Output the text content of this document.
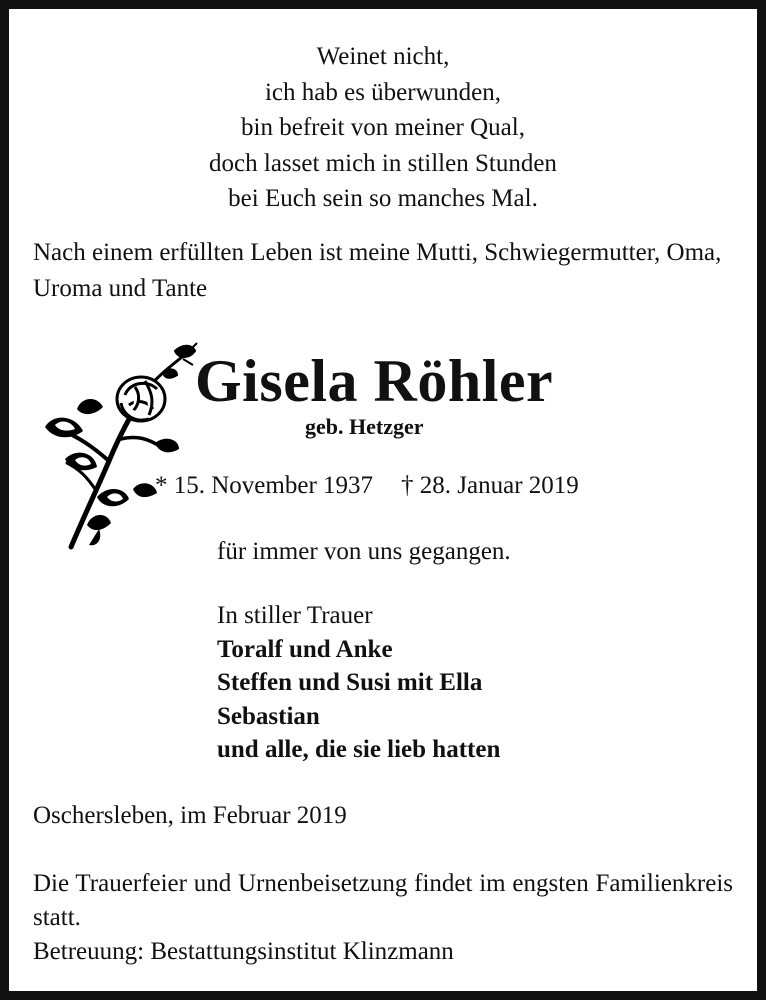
Weinet nicht,
ich hab es überwunden,
bin befreit von meiner Qual,
doch lasset mich in stillen Stunden
bei Euch sein so manches Mal.
Nach einem erfüllten Leben ist meine Mutti, Schwiegermutter, Oma, Uroma und Tante
Gisela Röhler
geb. Hetzger
* 15. November 1937 † 28. Januar 2019
für immer von uns gegangen.
In stiller Trauer
Toralf und Anke
Steffen und Susi mit Ella
Sebastian
und alle, die sie lieb hatten
Oschersleben, im Februar 2019
Die Trauerfeier und Urnenbeisetzung findet im engsten Familienkreis statt.
Betreuung: Bestattungsinstitut Klinzmann
